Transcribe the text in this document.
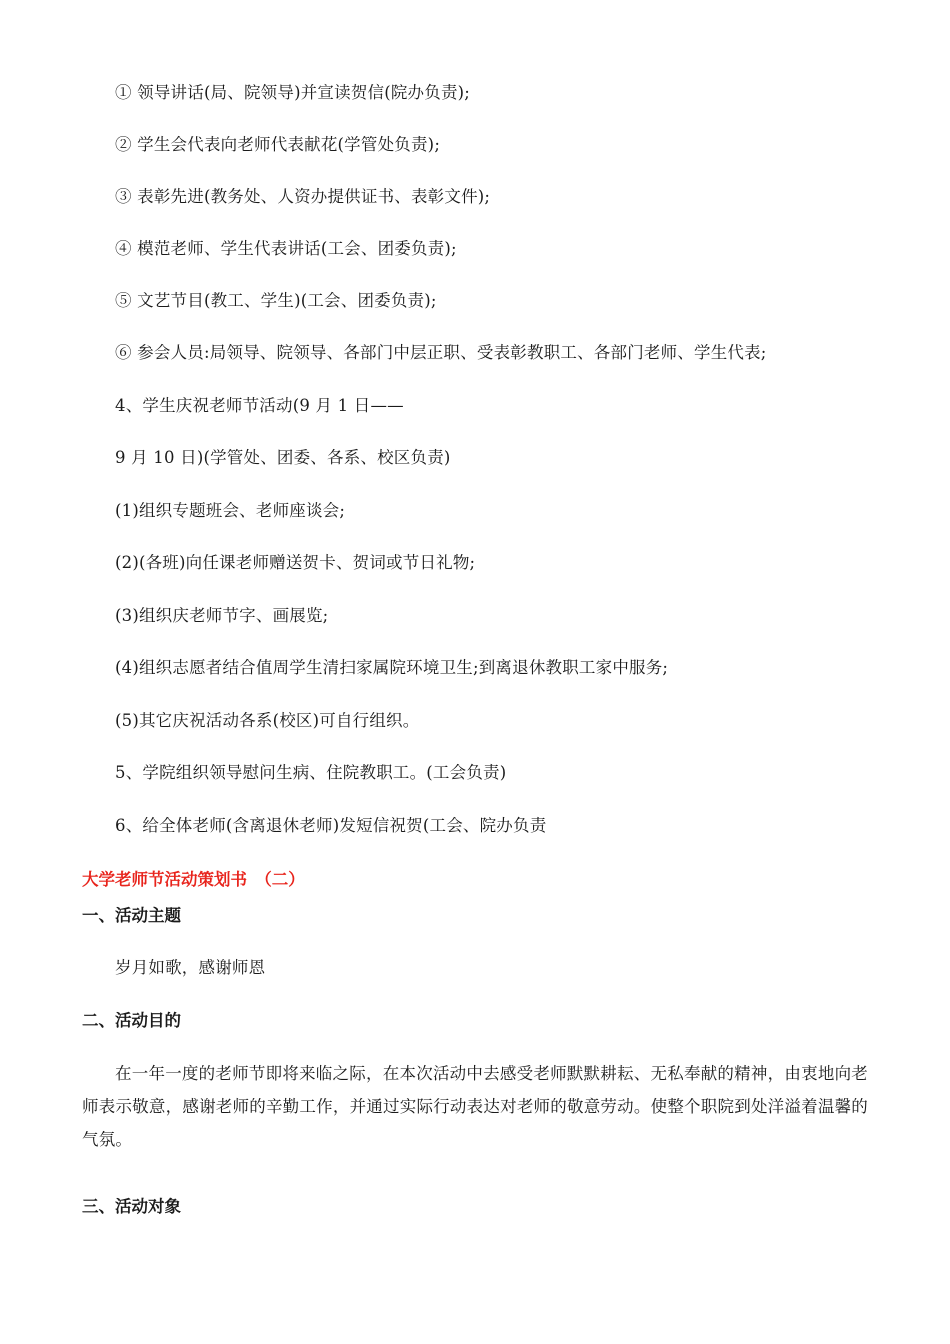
① 领导讲话(局、院领导)并宣读贺信(院办负责);
② 学生会代表向老师代表献花(学管处负责);
③ 表彰先进(教务处、人资办提供证书、表彰文件);
④ 模范老师、学生代表讲话(工会、团委负责);
⑤ 文艺节目(教工、学生)(工会、团委负责);
⑥ 参会人员:局领导、院领导、各部门中层正职、受表彰教职工、各部门老师、学生代表;
4、学生庆祝老师节活动(9 月 1 日——
9 月 10 日)(学管处、团委、各系、校区负责)
(1)组织专题班会、老师座谈会;
(2)(各班)向任课老师赠送贺卡、贺词或节日礼物;
(3)组织庆老师节字、画展览;
(4)组织志愿者结合值周学生清扫家属院环境卫生;到离退休教职工家中服务;
(5)其它庆祝活动各系(校区)可自行组织。
5、学院组织领导慰问生病、住院教职工。(工会负责)
6、给全体老师(含离退休老师)发短信祝贺(工会、院办负责
大学老师节活动策划书　（二）
一、活动主题
岁月如歌，感谢师恩
二、活动目的
在一年一度的老师节即将来临之际，在本次活动中去感受老师默默耕耘、无私奉献的精神，由衷地向老师表示敬意，感谢老师的辛勤工作，并通过实际行动表达对老师的敬意劳动。使整个职院到处洋溢着温馨的气氛。
三、活动对象
